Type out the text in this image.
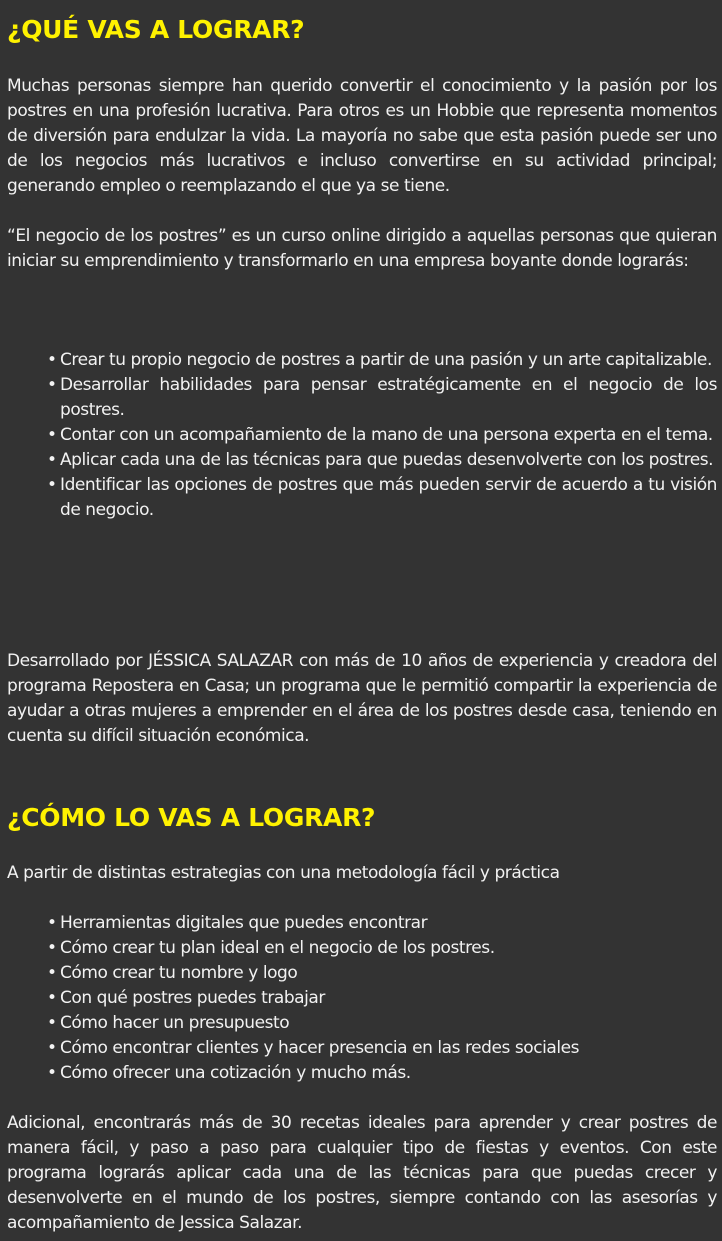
¿QUÉ VAS A LOGRAR?

Muchas personas siempre han querido convertir el conocimiento y la pasión por los postres en una profesión lucrativa. Para otros es un Hobbie que representa momentos de diversión para endulzar la vida. La mayoría no sabe que esta pasión puede ser uno de los negocios más lucrativos e incluso convertirse en su actividad principal; generando empleo o reemplazando el que ya se tiene.

“El negocio de los postres” es un curso online dirigido a aquellas personas que quieran iniciar su emprendimiento y transformarlo en una empresa boyante donde lograrás:

• Crear tu propio negocio de postres a partir de una pasión y un arte capitalizable.
• Desarrollar habilidades para pensar estratégicamente en el negocio de los postres.
• Contar con un acompañamiento de la mano de una persona experta en el tema.
• Aplicar cada una de las técnicas para que puedas desenvolverte con los postres.
• Identificar las opciones de postres que más pueden servir de acuerdo a tu visión de negocio.

Desarrollado por JÉSSICA SALAZAR con más de 10 años de experiencia y creadora del programa Repostera en Casa; un programa que le permitió compartir la experiencia de ayudar a otras mujeres a emprender en el área de los postres desde casa, teniendo en cuenta su difícil situación económica.

¿CÓMO LO VAS A LOGRAR?

A partir de distintas estrategias con una metodología fácil y práctica

• Herramientas digitales que puedes encontrar
• Cómo crear tu plan ideal en el negocio de los postres.
• Cómo crear tu nombre y logo
• Con qué postres puedes trabajar
• Cómo hacer un presupuesto
• Cómo encontrar clientes y hacer presencia en las redes sociales
• Cómo ofrecer una cotización y mucho más.

Adicional, encontrarás más de 30 recetas ideales para aprender y crear postres de manera fácil, y paso a paso para cualquier tipo de fiestas y eventos. Con este programa lograrás aplicar cada una de las técnicas para que puedas crecer y desenvolverte en el mundo de los postres, siempre contando con las asesorías y acompañamiento de Jessica Salazar.
